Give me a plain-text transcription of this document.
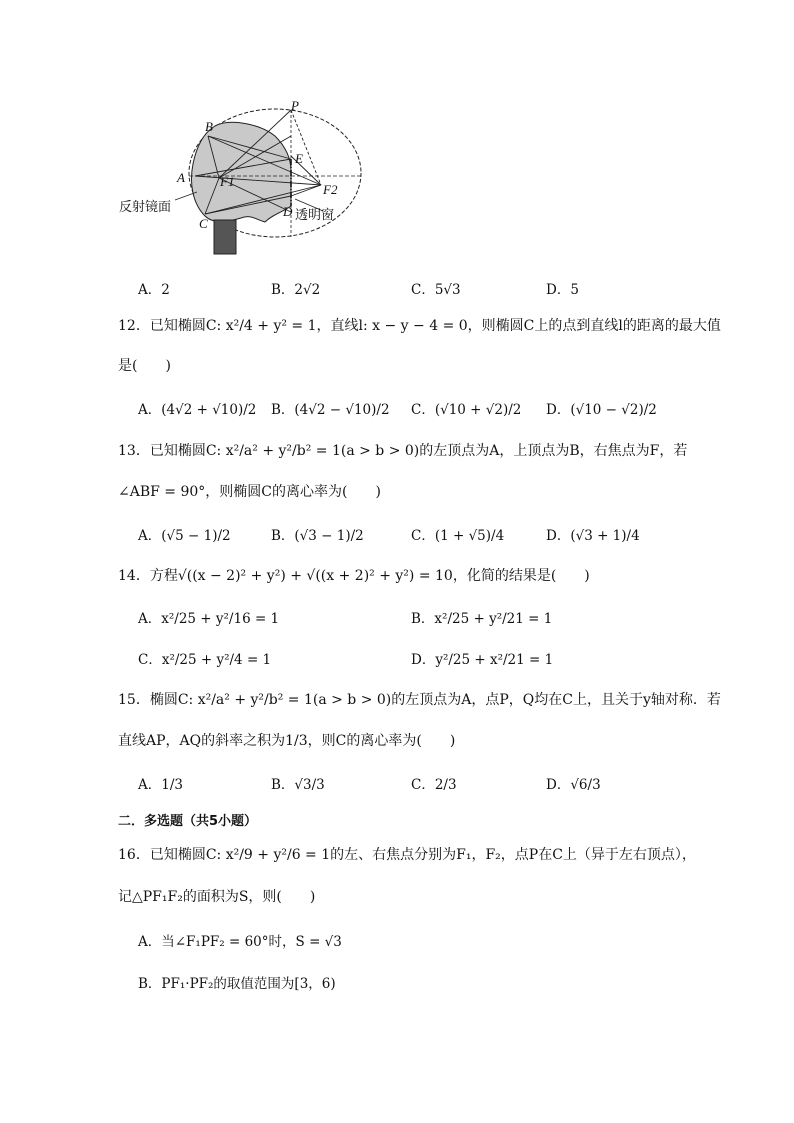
P
B
E
A	F1
F2
C
D
反射镜面
透明窗
A．2	B．2√2	C．5√3	D．5
12．已知椭圆C: x²/4 + y² = 1，直线l: x − y − 4 = 0，则椭圆C上的点到直线l的距离的最大值
是(　　)
A．(4√2 + √10)/2 B．(4√2 − √10)/2 C．(√10 + √2)/2 D．(√10 − √2)/2
13．已知椭圆C: x²/a² + y²/b² = 1(a > b > 0)的左顶点为A，上顶点为B，右焦点为F，若
∠ABF = 90°，则椭圆C的离心率为(　　)
A．(√5 − 1)/2	B．(√3 − 1)/2	C．(1 + √5)/4	D．(√3 + 1)/4
14．方程√((x − 2)² + y²) + √((x + 2)² + y²) = 10，化简的结果是(　　)
A．x²/25 + y²/16 = 1	B．x²/25 + y²/21 = 1
C．x²/25 + y²/4 = 1	D．y²/25 + x²/21 = 1
15．椭圆C: x²/a² + y²/b² = 1(a > b > 0)的左顶点为A，点P，Q均在C上，且关于y轴对称．若
直线AP，AQ的斜率之积为1/3，则C的离心率为(　　)
A．1/3	B．√3/3	C．2/3	D．√6/3
二．多选题（共5小题）
16．已知椭圆C: x²/9 + y²/6 = 1的左、右焦点分别为F₁，F₂，点P在C上（异于左右顶点），
记△PF₁F₂的面积为S，则(　　)
A．当∠F₁PF₂ = 60°时，S = √3
B．PF₁·PF₂的取值范围为[3，6)
